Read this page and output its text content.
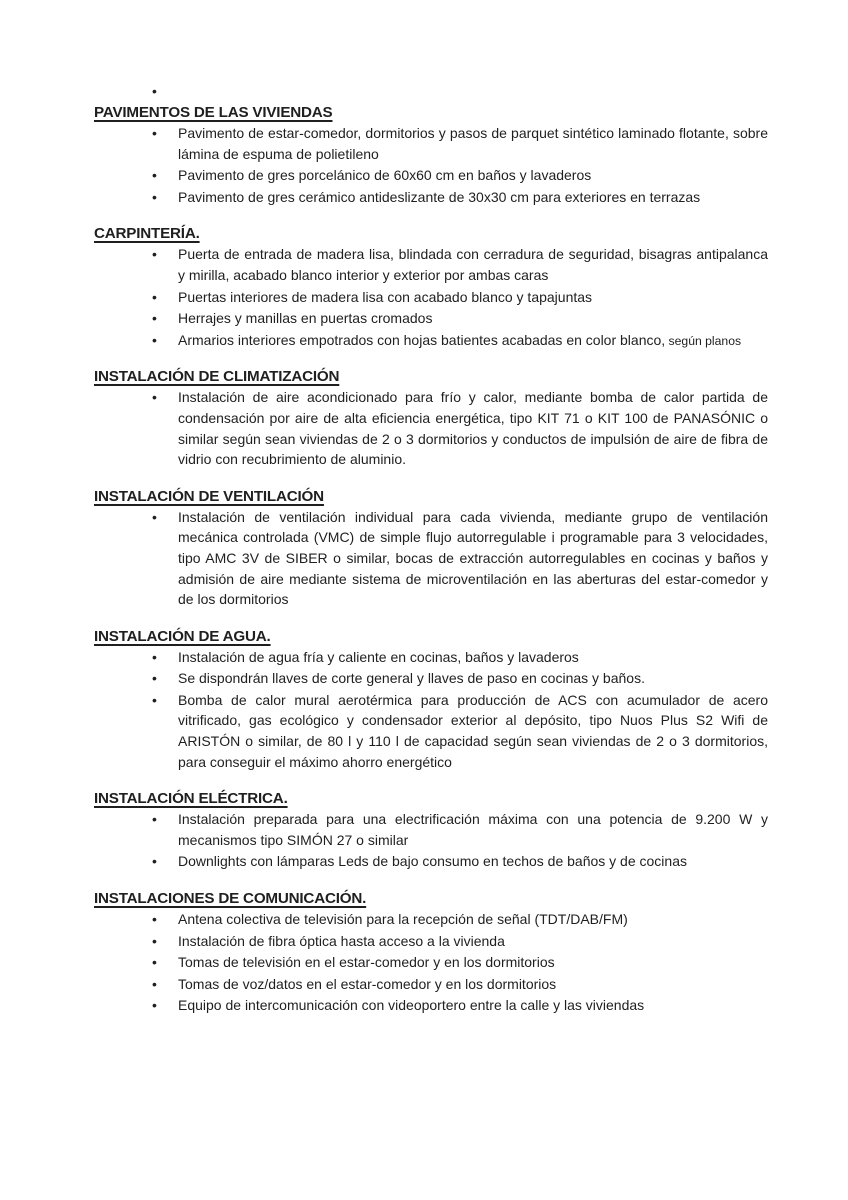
•
PAVIMENTOS DE LAS VIVIENDAS
• Pavimento de estar-comedor, dormitorios y pasos de parquet sintético laminado flotante, sobre lámina de espuma de polietileno
• Pavimento de gres porcelánico de 60x60 cm en baños y lavaderos
• Pavimento de gres cerámico antideslizante de 30x30 cm para exteriores en terrazas
CARPINTERÍA.
• Puerta de entrada de madera lisa, blindada con cerradura de seguridad, bisagras antipalanca y mirilla, acabado blanco interior y exterior por ambas caras
• Puertas interiores de madera lisa con acabado blanco y tapajuntas
• Herrajes y manillas en puertas cromados
• Armarios interiores empotrados con hojas batientes acabadas en color blanco, según planos
INSTALACIÓN DE CLIMATIZACIÓN
• Instalación de aire acondicionado para frío y calor, mediante bomba de calor partida de condensación por aire de alta eficiencia energética, tipo KIT 71 o KIT 100 de PANASÓNIC o similar según sean viviendas de 2 o 3 dormitorios y conductos de impulsión de aire de fibra de vidrio con recubrimiento de aluminio.
INSTALACIÓN DE VENTILACIÓN
• Instalación de ventilación individual para cada vivienda, mediante grupo de ventilación mecánica controlada (VMC) de simple flujo autorregulable i programable para 3 velocidades, tipo AMC 3V de SIBER o similar, bocas de extracción autorregulables en cocinas y baños y admisión de aire mediante sistema de microventilación en las aberturas del estar-comedor y de los dormitorios
INSTALACIÓN DE AGUA.
• Instalación de agua fría y caliente en cocinas, baños y lavaderos
• Se dispondrán llaves de corte general y llaves de paso en cocinas y baños.
• Bomba de calor mural aerotérmica para producción de ACS con acumulador de acero vitrificado, gas ecológico y condensador exterior al depósito, tipo Nuos Plus S2 Wifi de ARISTÓN o similar, de 80 l y 110 l de capacidad según sean viviendas de 2 o 3 dormitorios, para conseguir el máximo ahorro energético
INSTALACIÓN ELÉCTRICA.
• Instalación preparada para una electrificación máxima con una potencia de 9.200 W y mecanismos tipo SIMÓN 27 o similar
• Downlights con lámparas Leds de bajo consumo en techos de baños y de cocinas
INSTALACIONES DE COMUNICACIÓN.
• Antena colectiva de televisión para la recepción de señal (TDT/DAB/FM)
• Instalación de fibra óptica hasta acceso a la vivienda
• Tomas de televisión en el estar-comedor y en los dormitorios
• Tomas de voz/datos en el estar-comedor y en los dormitorios
• Equipo de intercomunicación con videoportero entre la calle y las viviendas
